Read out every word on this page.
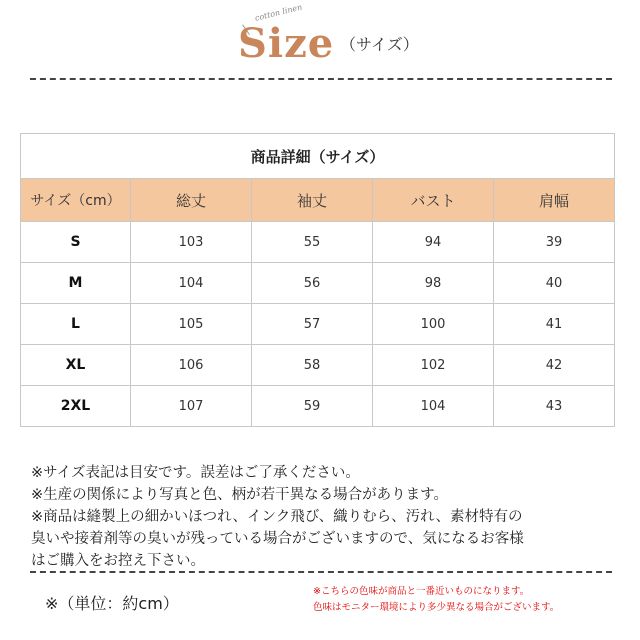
cotton linen
Size （サイズ）
商品詳細（サイズ）				
サイズ（cm）	総丈	袖丈	バスト	肩幅
S	103	55	94	39
M	104	56	98	40
L	105	57	100	41
XL	106	58	102	42
2XL	107	59	104	43
※サイズ表記は目安です。誤差はご了承ください。
※生産の関係により写真と色、柄が若干異なる場合があります。
※商品は縫製上の細かいほつれ、インク飛び、織りむら、汚れ、素材特有の
臭いや接着剤等の臭いが残っている場合がございますので、気になるお客様
はご購入をお控え下さい。
※（単位：約cm）
※こちらの色味が商品と一番近いものになります。
色味はモニター環境により多少異なる場合がございます。
